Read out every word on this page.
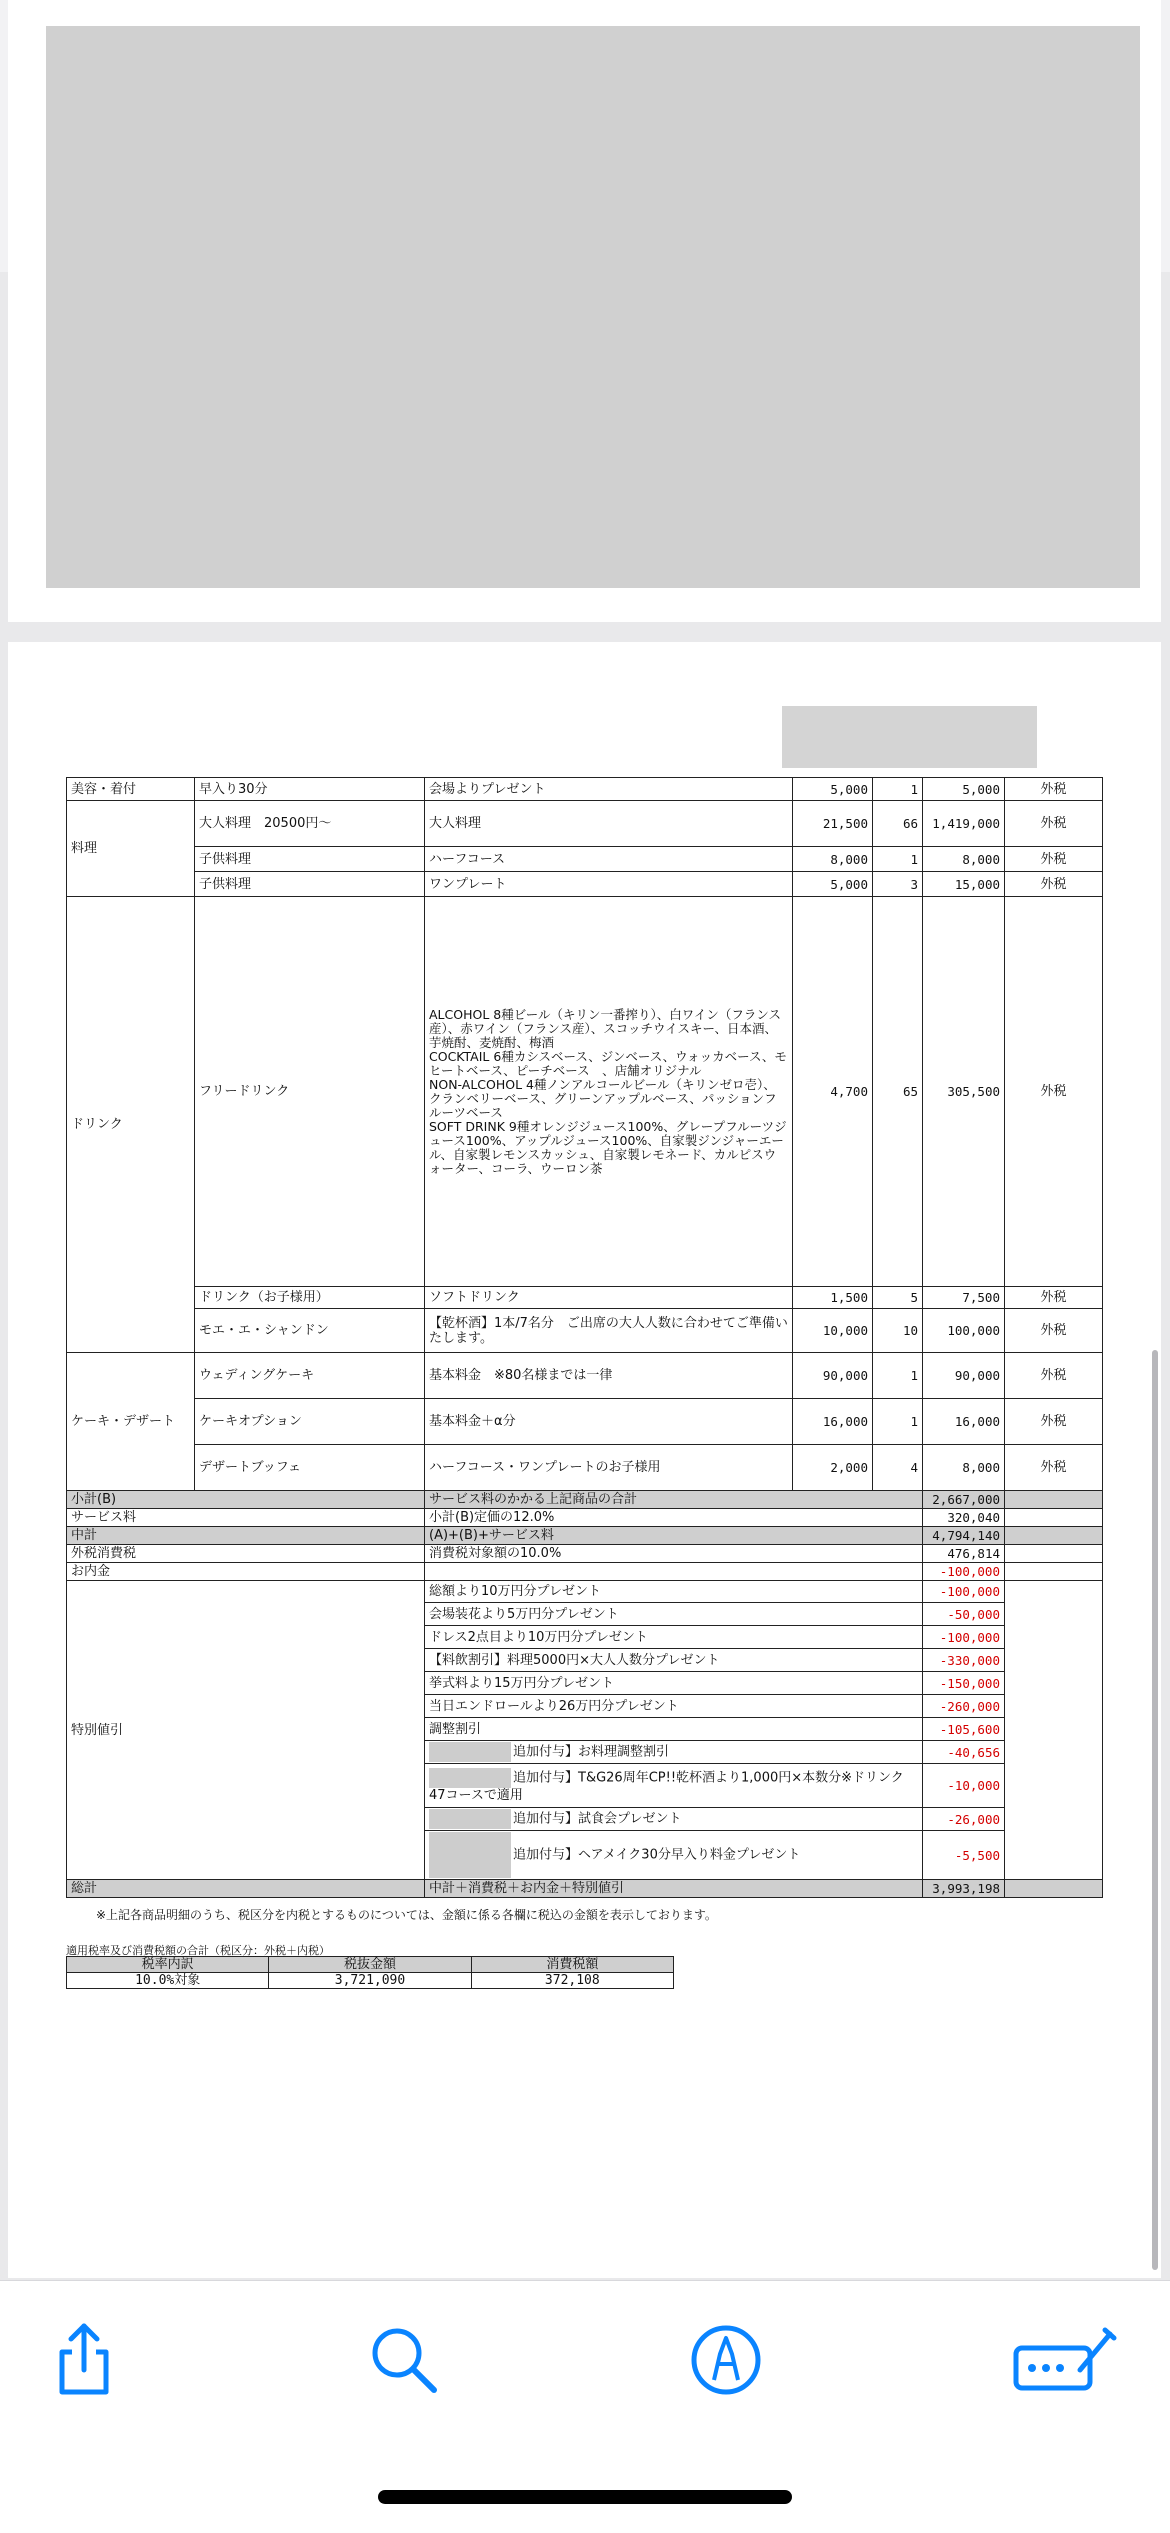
美容・着付	早入り30分	会場よりプレゼント	5,000	1	5,000	外税
料理	大人料理　20500円～	大人料理	21,500	66	1,419,000	外税
	子供料理	ハーフコース	8,000	1	8,000	外税
	子供料理	ワンプレート	5,000	3	15,000	外税
ドリンク	フリードリンク	ALCOHOL 8種ビール（キリン一番搾り）、白ワイン（フランス産）、赤ワイン（フランス産）、スコッチウイスキー、日本酒、芋焼酎、麦焼酎、梅酒
COCKTAIL 6種カシスベース、ジンベース、ウォッカベース、モヒートベース、ピーチベース　、店舗オリジナル
NON-ALCOHOL 4種ノンアルコールビール（キリンゼロ壱）、クランベリーベース、グリーンアップルベース、パッションフルーツベース
SOFT DRINK 9種オレンジジュース100%、グレープフルーツジュース100%、アップルジュース100%、自家製ジンジャーエール、自家製レモンスカッシュ、自家製レモネード、カルピスウォーター、コーラ、ウーロン茶	4,700	65	305,500	外税
	ドリンク（お子様用）	ソフトドリンク	1,500	5	7,500	外税
	モエ・エ・シャンドン	【乾杯酒】1本/7名分　ご出席の大人人数に合わせてご準備いたします。	10,000	10	100,000	外税
ケーキ・デザート	ウェディングケーキ	基本料金　※80名様までは一律	90,000	1	90,000	外税
	ケーキオプション	基本料金＋α分	16,000	1	16,000	外税
	デザートブッフェ	ハーフコース・ワンプレートのお子様用	2,000	4	8,000	外税
小計(B)		サービス料のかかる上記商品の合計			2,667,000	
サービス料		小計(B)定価の12.0%			320,040	
中計		(A)+(B)+サービス料			4,794,140	
外税消費税		消費税対象額の10.0%			476,814	
お内金					-100,000	
特別値引		総額より10万円分プレゼント			-100,000	
		会場装花より5万円分プレゼント			-50,000	
		ドレス2点目より10万円分プレゼント			-100,000	
		【料飲割引】料理5000円×大人人数分プレゼント			-330,000	
		挙式料より15万円分プレゼント			-150,000	
		当日エンドロールより26万円分プレゼント			-260,000	
		調整割引			-105,600	
		追加付与】お料理調整割引			-40,656	
		追加付与】T&G26周年CP!!乾杯酒より1,000円×本数分※ドリンク47コースで適用			-10,000	
		追加付与】試食会プレゼント			-26,000	
		追加付与】ヘアメイク30分早入り料金プレゼント			-5,500	
総計		中計＋消費税＋お内金＋特別値引			3,993,198	
※上記各商品明細のうち、税区分を内税とするものについては、金額に係る各欄に税込の金額を表示しております。
適用税率及び消費税額の合計（税区分：外税＋内税）
税率内訳	税抜金額	消費税額
10.0%対象	3,721,090	372,108
